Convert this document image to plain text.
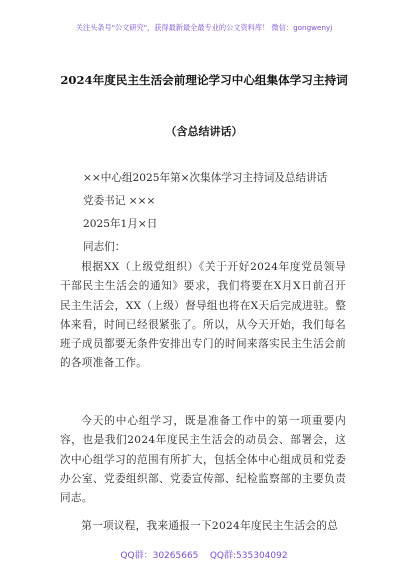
关注头条号"公文研究"，获得最新最全最专业的公文资料库！ 微信：gongwenyj
2024年度民主生活会前理论学习中心组集体学习主持词
（含总结讲话）
××中心组2025年第×次集体学习主持词及总结讲话
党委书记 ×××
2025年1月×日
同志们：
根据XX（上级党组织）《关于开好2024年度党员领导干部民主生活会的通知》要求，我们将要在X月X日前召开民主生活会，XX（上级）督导组也将在X天后完成进驻。整体来看，时间已经很紧张了。所以，从今天开始，我们每名班子成员都要无条件安排出专门的时间来落实民主生活会前的各项准备工作。
今天的中心组学习，既是准备工作中的第一项重要内容，也是我们2024年度民主生活会的动员会、部署会，这次中心组学习的范围有所扩大，包括全体中心组成员和党委办公室、党委组织部、党委宣传部、纪检监察部的主要负责同志。
第一项议程，我来通报一下2024年度民主生活会的总
QQ群：30265665    QQ群:535304092
